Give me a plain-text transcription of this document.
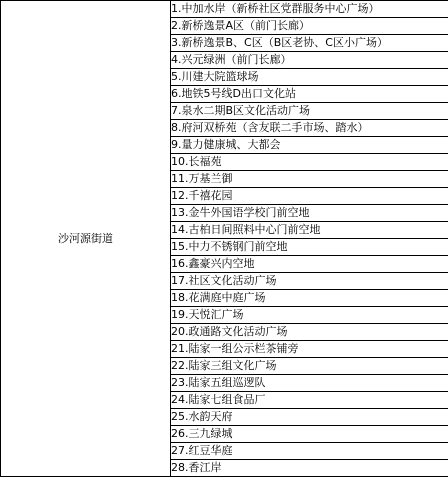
沙河源街道	1.中加水岸（新桥社区党群服务中心广场）
2.新桥逸景A区（前门长廊）
3.新桥逸景B、C区（B区老协、C区小广场）
4.兴元绿洲（前门长廊）
5.川建大院篮球场
6.地铁5号线D出口文化站
7.泉水二期B区文化活动广场
8.府河双桥苑（含友联二手市场、踏水）
9.量力健康城、大都会
10.长福苑
11.万基兰御
12.千禧花园
13.金牛外国语学校门前空地
14.古柏日间照料中心门前空地
15.中力不锈钢门前空地
16.鑫豪兴内空地
17.社区文化活动广场
18.花满庭中庭广场
19.天悦汇广场
20.政通路文化活动广场
21.陆家一组公示栏茶铺旁
22.陆家三组文化广场
23.陆家五组巡逻队
24.陆家七组食品厂
25.水韵天府
26.三九绿城
27.红豆华庭
28.香江岸
